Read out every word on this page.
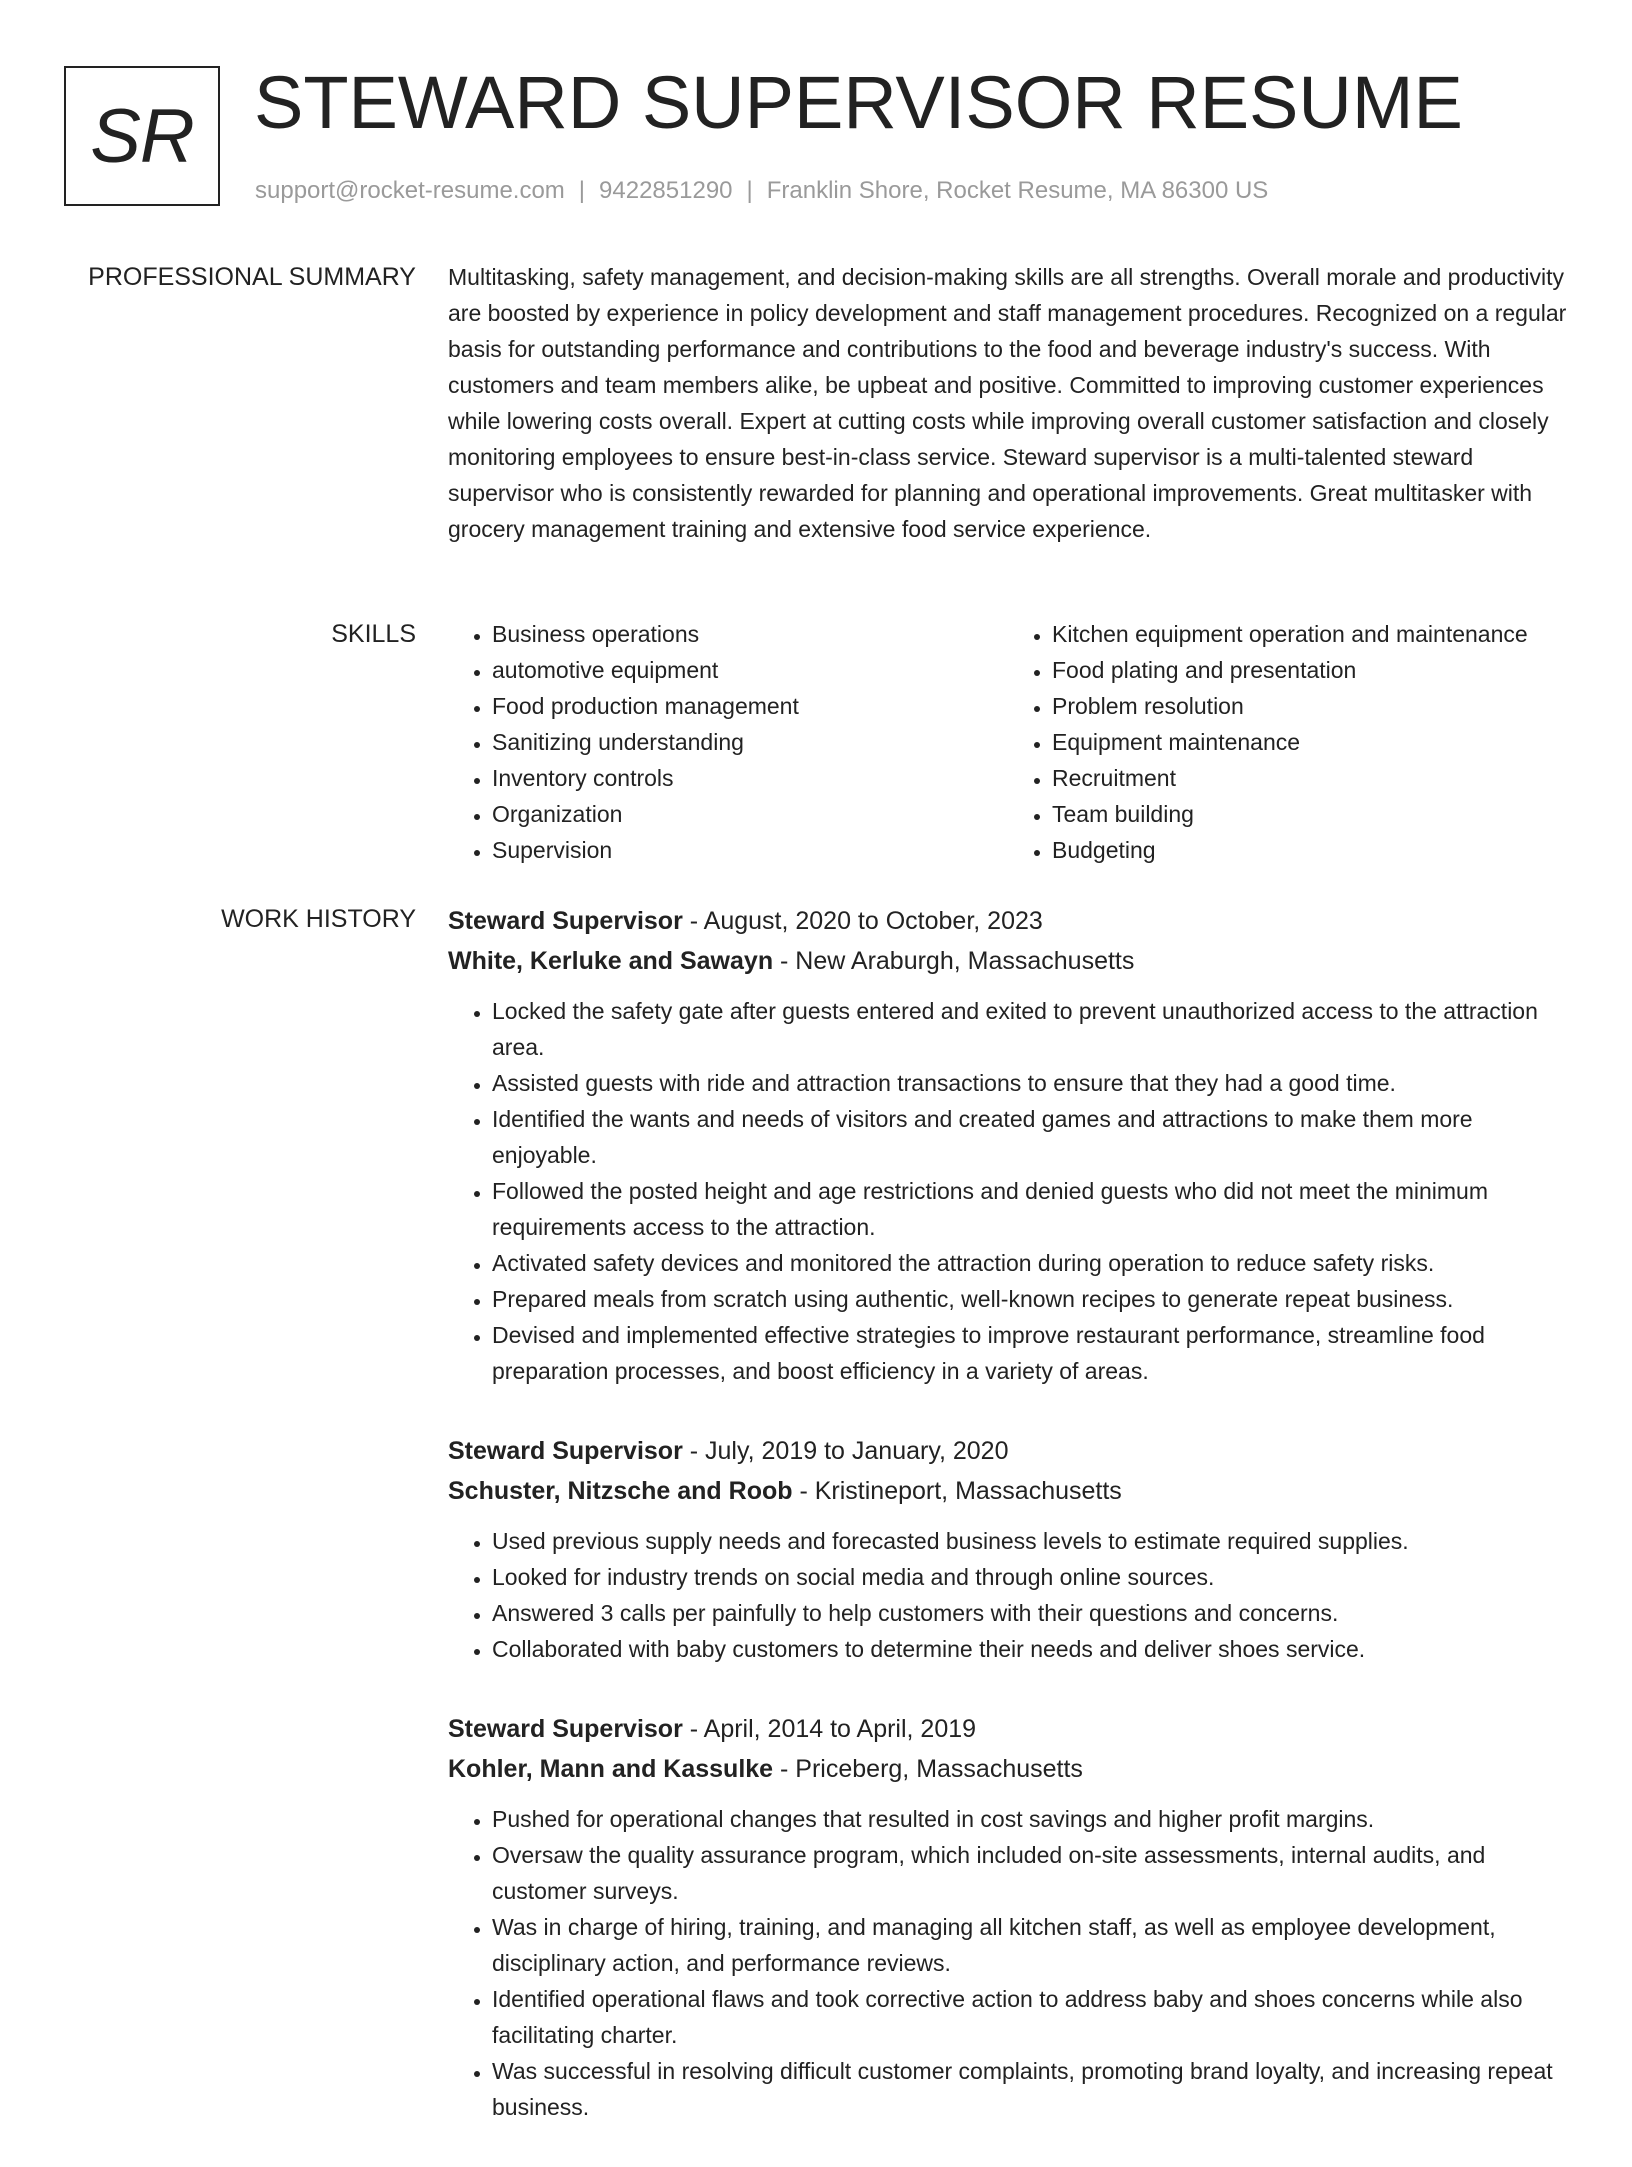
SR STEWARD SUPERVISOR RESUME
support@rocket-resume.com | 9422851290 | Franklin Shore, Rocket Resume, MA 86300 US
PROFESSIONAL SUMMARY Multitasking, safety management, and decision-making skills are all strengths. Overall morale and productivity are boosted by experience in policy development and staff management procedures. Recognized on a regular basis for outstanding performance and contributions to the food and beverage industry's success. With customers and team members alike, be upbeat and positive. Committed to improving customer experiences while lowering costs overall. Expert at cutting costs while improving overall customer satisfaction and closely monitoring employees to ensure best-in-class service. Steward supervisor is a multi-talented steward supervisor who is consistently rewarded for planning and operational improvements. Great multitasker with grocery management training and extensive food service experience.

SKILLS
•	Business operations
• automotive equipment
• Food production management
• Sanitizing understanding
• Inventory controls
• Organization
• Supervision
• Kitchen equipment operation and maintenance
• Food plating and presentation
• Problem resolution
• Equipment maintenance
• Recruitment
• Team building
• Budgeting
WORK HISTORY Steward Supervisor - August, 2020 to October, 2023
White, Kerluke and Sawayn - New Araburgh, Massachusetts
• Locked the safety gate after guests entered and exited to prevent unauthorized access to the attraction area.
• Assisted guests with ride and attraction transactions to ensure that they had a good time.
• Identified the wants and needs of visitors and created games and attractions to make them more enjoyable.
• Followed the posted height and age restrictions and denied guests who did not meet the minimum requirements access to the attraction.
• Activated safety devices and monitored the attraction during operation to reduce safety risks.
• Prepared meals from scratch using authentic, well-known recipes to generate repeat business.
• Devised and implemented effective strategies to improve restaurant performance, streamline food preparation processes, and boost efficiency in a variety of areas.
Steward Supervisor - July, 2019 to January, 2020
Schuster, Nitzsche and Roob - Kristineport, Massachusetts
• Used previous supply needs and forecasted business levels to estimate required supplies.
• Looked for industry trends on social media and through online sources.
• Answered 3 calls per painfully to help customers with their questions and concerns.
• Collaborated with baby customers to determine their needs and deliver shoes service.
Steward Supervisor - April, 2014 to April, 2019
Kohler, Mann and Kassulke - Priceberg, Massachusetts
• Pushed for operational changes that resulted in cost savings and higher profit margins.
• Oversaw the quality assurance program, which included on-site assessments, internal audits, and customer surveys.
• Was in charge of hiring, training, and managing all kitchen staff, as well as employee development, disciplinary action, and performance reviews.
• Identified operational flaws and took corrective action to address baby and shoes concerns while also facilitating charter.
• Was successful in resolving difficult customer complaints, promoting brand loyalty, and increasing repeat business.
